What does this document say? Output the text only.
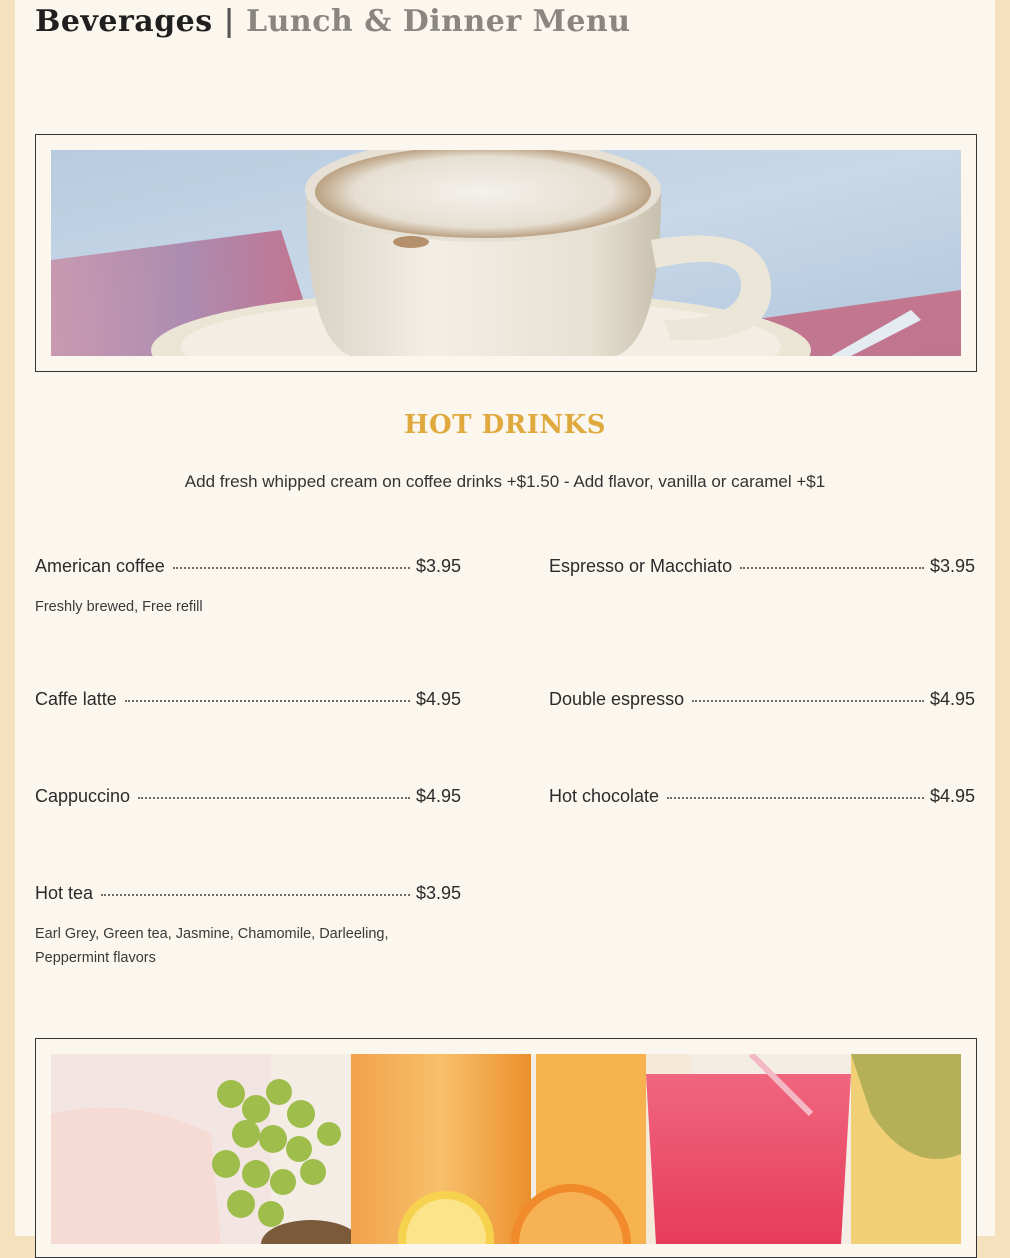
Beverages | Lunch & Dinner Menu
HOT DRINKS

Add fresh whipped cream on coffee drinks +$1.50 - Add flavor, vanilla or caramel +$1

American coffee	$3.95
Freshly brewed, Free refill
Espresso or Macchiato	$3.95
Caffe latte	$4.95	Double espresso	$4.95
Cappuccino	$4.95	Hot chocolate	$4.95
Hot tea	$3.95
Earl Grey, Green tea, Jasmine, Chamomile, Darleeling, Peppermint flavors
